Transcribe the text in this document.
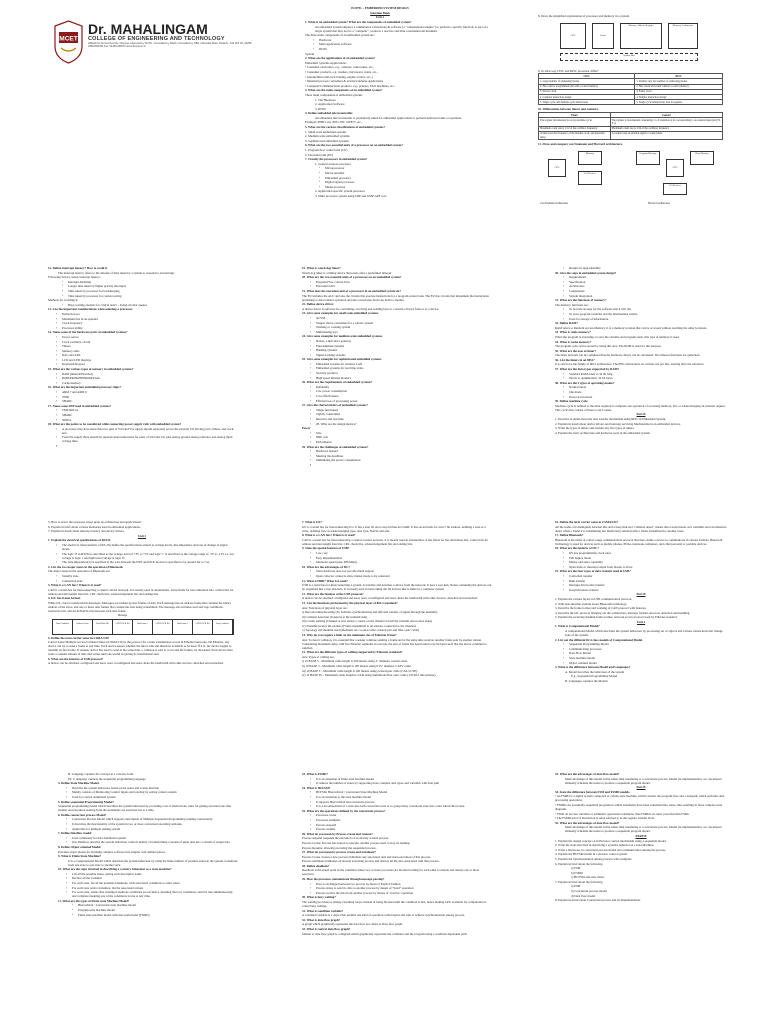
MCET
Dr. MAHALINGAM
COLLEGE OF ENGINEERING AND TECHNOLOGY
Affiliated to Anna University, Chennai; Approved by AICTE ; Accredited by NAAC; Accredited by NBA; Udumalai Road, Pollachi - 642 003 Tel: 04259-236030/40/50 Fax: 04259-236070 www.drmcet.ac.in

EC8791 – EMBEDDED SYSTEM DESIGN

Question Bank

Unit 1

1. What is an embedded system? What are the components of embedded system?

An embedded system employs a combination of hardware & software (a "computational engine") to perform a specific function; is part of a larger system that may not be a "computer"; works in a reactive and time-constrained environment.

The three main components of an embedded system are:

• Hardware

• Main application software

• RTOS

System

2. What are the applications of an embedded system?

Embedded Systems Applications:

• Consumer electronics, e.g., cameras, camcorders, etc.,

• Consumer products, e.g. washers, microwave ovens, etc.,

• Automobiles (anti-lock braking, engine control, etc.,)

• Industrial process controllers & avionics/defense applications

• Computer/Communication products, e.g., printers, FAX machines, etc.,

3. What are the main components of an embedded system?

Three main components of embedded systems

1. The Hardware

2. Application Software

3. RTOS

4. Define embedded microcontroller.

An embedded microcontroller is particularly suited for embedded applications to perform dedicated tasks or operation.

Example: 68HC11xx, 8051, PIC 16F877, etc.,

5. What are the various classifications of embedded systems?

1. Small scale embedded systems

2. Medium scale embedded systems

3. Sophisticated embedded systems

6. What are the two essential units of a processor on an embedded system?

1. Program flow control unit (CU)

2. Execution unit (EU)

7. Classify the processors in embedded system?

1. General purpose processor

▪ Microprocessor

▪ Microcontroller

▪ Embedded processor

▪ Digital signal processor

▪ Media processor

2. Application specific system processor

3. Multi processor system using GPP and ASSP GPP core

8. Draw the simplified organization of processor and memory in a system.

CPU	Cache
Memory Address Register	Memory Architecture
System Bus

9. In what way CISC and RISC processor differ?

CISC	RISC
1. Large number of addressing modes	1. Smaller very few number of addressing modes
2. Has a micro programmed unit with a control memory	2. Has a hard wired unit without a control memory
3. Slower clock	3. Faster clock
4. Complex instruction design	4. Simpler instruction design
5. Single-cycle and multiple cycle instructions	5. Single cycle instructions; data in registers

10. Differentiate between timers and counters.

Timer	Counter
The register incremented for every machine cycle.	The register is incremented considering 1 to 0 transition at its corresponding to an external input pin (T0, T1).
Maximum count rate is 1/12 of the oscillator frequency.	Maximum count rate is 1/24 of the oscillator frequency.
A timer uses the frequency of the internal clock, and generates delay.	A counter uses an external signal to count pulses.

11. Draw and compare von Neumann and Harvard architecture.

CPU
Memory
I/O Devices
Program Memory
CPU
Data Memory
I/O Devices
von Neumann Architecture	Harvard Architecture

12. Define interrupt latency? How to avoid it.

The interrupt latency refers to the amount of time taken by a system to respond to an interrupt.

Following factors causes interrupt latency:

▪ Interrupt disabling

▪ Longer time taken by higher priority interrupts

▪ Time taken by processor for bookkeeping

▪ Time taken by processor for context saving

Methods for avoiding it:

▪ Busy-waiting analysis for critical data's – Using circular queues

13. List the important considerations when selecting a processor.

• Instruction set

• Maximum bits in an operand

• Clock frequency

• Processor ability

14. Name some of the hardware parts of embedded systems?

• Power source

• Clock oscillator circuit

• Timers

• Memory units

• DAC and ADC

• LCD and LED displays

• Keyboard/Keypad

15. What are the various types of memory in embedded systems?

• RAM (internal/External)

• ROM/PROM/EEPROM/Flash

• Cache memory

16. What are the important embedded processor chips?

• ARM 7 and ARM 9

• i7060

• SHARC

17. Name some DSP used in embedded systems?

• TMS320Cxx

• SHARC

• 5600xx

18. What are the points to be considered while connecting power supply rails with embedded system?

• A processor may have more than two pins of Vdd and Vss supply should separately power the external I/O driving ports, timers, and clock and

• From the supply there should be separate interconnections for pairs of Vdd and Vss pins analog ground analog reference and analog input voltage lines.

19. What is watch dog timer?

Watch dog timer is a timing device that resets after a predefined timeout.

20. What are the two essential units of a processor on an embedded system?

• Program Flow control Unit

• Execution Unit

21. What does the execution unit of a processor in an embedded system do?

The EU includes the ALU and also the circuits that execute instructions for a program control task. The EU has circuits that implement the instructions pertaining to data transfer operation and data conversion from one form to another.

22. Define device driver.

A device driver is software for controlling, receiving and sending byte or a stream of bytes from or to a device.

23. Give some examples for small scale embedded systems.

• ACVM

• Stepper motor controllers for a robotic system

• Washing or cooking system

• Multitasking toys

24. Give some examples for medium scale embedded systems.

• Router, a hub and a gateway

• Entertainment systems

• Banking systems

• Signal tracking systems

25. Give some examples for sophisticated embedded systems.

• Embedded systems for wireless LAN

• Embedded systems for real time video

• Security products

• High speed Internet Routers

26. What are the requirements of embedded systems?

• Reliability

• Low power consumption

• Cost effectiveness

• Efficient use of processing power

27. Give the characteristics of embedded systems?

• Single functioned

• Tightly constrained

• Reactive and real time

• 28. What are the design metrics?

Power

• Size

• NRE cost

• Performance

29. What are the challenges of embedded systems?

• Hardware needed

• Meeting the deadlines

• Minimizing the power consumption

• Design for upgradeability

30. Give the steps in embedded system design?

• Requirements

• Specification

• Architecture

• Components

• System integration

31. What are the functions of memory?

The memory functions are:

• To provide storage for the software that it will run.

• To store program variables and the intermediate results.

• Used for storage of information.

32. Define RAM?

RAM refers to Random Access Memory. It is a memory location that can be accessed without touching the other locations.

33. What is static memory?

When the program is executing, to save the variable and program stack, this type of memory is used.

34. What is cache memory?

The program code can be stored by using this area. The ROM is used for this purpose.

35. What are the uses of timer?

The timer network can be completed Precise hardware delays can be calculated. The timeout functions are generated.

36. List the timers in an 8051?

It is said to be the family of 8051 architecture. The 8051 instructions are written one per line, starting after the reference.

37. What are the data types supported by RAM?

• Standard RAM tends to 32 bit long

• Words to optimization: 32 bit bytes

38. What are the 3 types of operating modes?

• Normal mode

• Idle mode

• Power down mode

39. Define machine cycle.

Machine cycle is defined as the time required to complete one operation of accessing memory, I/O, or acknowledging an external request. This cycle may consist of three to six T-states.

Part-B

1. Describe in detail about the data transfer mechanism using RISC in Embedded System.

2. Explain in detail about device drivers and interrupt servicing Mechanisms in an embedded devices.

3. Write the types of timers and explain any five types of timers.

4. Explain the basic architecture and hardware tools in the embedded system.

5. How to select the processor based upon its architecture and applications?

6. Explain in brief about various memories used in embedded applications.

7. Explain in detail about interrupt latency and device drivers.

Unit 2

1. Explain the electrical specifications of RS232.

• The electrical characteristics of RS-232 define the specifications related to voltage levels, line impedance and rate of change of signal levels.

• The logic '0' in RS232 is described as the voltage level of +3V to +5V and logic '1' is described as the voltage range of -3V to -15V i.e. low voltage is logic 1 and high level voltage is logic '0'.

• The Line impedance(Z) is specified at the wire between the DTE and DCE devices is specified to be around 3Ω to 7 Ω.

2. List the two major states in the operation of Bluetooth.

The major states in the operation of Bluetooth are:

• Standby state

• Connection state

3. What is a CAN bus? Where is it used?

CAN is a serial bus for interconnecting a central control network. It is mostly used in automobiles. It has fields for bus arbitration bits, control bits for address and data length data bits, CRC check bits, acknowledgement bits and ending bits.

4. I2C bus frame format.

While I2C, data is transferred in messages. Messages are broken up into frames of data. Each message has an address frame that contains the binary address of the slave, and one or more data frames that contain the data being transmitted. The message also includes start and stop conditions, read/write bits, and ACK/NACK bits between each data frame:

Message
Start Condition	Address Frame	Read/Write Bit	ACK/NACK Bit	Data Frame 1	ACK/NACK Bit	Data Frame 2	ACK/NACK Bit	Stop Condition

5. Define the term carrier sense in CSMA/CD?

Carrier Sense Multiple Access/Collision Detect (CSMA/CD) is the protocol for carrier transmission access in Ethernet networks. On Ethernet, any device can try to send a frame at any time. Each device senses whether the line is idle and therefore available to be used. If it is, the device begins to transmit its first frame. If another device has tried to send at the same time, a collision is said to occur and the frames are discarded. Each device then waits a random amount of time and retries until successful in getting its transmission sent.

6. What are the features of USB protocol?

A device can be attached, configured and used, reset, reconfigured and used, share the bandwidth with other devices, detached and reattached.

7. What is I2C?

I2C is a serial bus for interconnecting ICs. It has a start bit and a stop bit like an UART. It has seven fields for start,7 bit address, defining a read or a write, defining byte as acknowledging byte, data byte, NACK and end.

8. What is a CAN bus? Where is it used?

CAN is a serial bus for interconnecting a central Control network. It is mostly used in automobiles. It has fields for bus arbitration bits, control bits for address and data length data bits, CRC check bits, acknowledgement bits and ending bits.

9. State the special features of USB?

• Low cost

• Easy implementation

• Moderate speed (upto 480 Mbps)

10. What are the advantages of I2C?

• Slave hardware does not provide much support

• Open collector connects allow master mode to be contested

11. What is HDD? What is it used?

USB is a serial bus for interconnecting a system. It attaches and detaches a device from the network. It uses a root hub. Nodes containing the devices can be organized like a tree structure. It is mostly used in networking the IO devices like scanner in a computer system.

12. What are the features of the USB protocol?

A device can be attached, configured and used, reset, reconfigured and used, share the bandwidth with other devices, detached and reattached.

13. List the functions performed by the physical layer of 802.3 standard?

Ans: Functions of physical layer are:

i) Data encoding/decoding (To facilitate synchronization and efficient transfer of signal through the medium).

ii) Collision detection (It detects at the transmit side)

iii) Carrier sensing (Channel access senses a carrier on the channel at both the transmit and receive sides)

iv) Transmit/receive the packets (Frame transmitted to all stations connected to the channel)

v) Topology and medium used (Mediums are co-axial cable, twisted pair and fiber optic cable)

14. Why do you require a limit on the minimum size of Ethernet frame?

Ans: To detect collision, it is essential that a sender continue sending a frame and at the same time receives another frame sent by another station. Considering maximum delay with five Ethernet segments in cascade, the size of frame has been found to be 64 bytes such that the above condition is satisfied.

15. What are the different types of cabling supported by Ethernet standard?

Ans: Types of cabling are:

i) 10 BASE 5 - Maximum cable length is 500 meters using 4" diameter coaxial cable.

ii) 10 BASE 2 - Maximum cable length is 185 meters using 0.25" diameter CATV cable.

iii) 10 BASE T - Maximum cable length is 100 meters using twisted-pair cable (CAT-3 UTP).

iv) 10 BASE FL - Maximum cable length is 2 Km using multimode fiber optic cable (125/62.5 micrometer).

16. Define the term carrier sense in CSMA/CD?

All the nodes can distinguish between idle and a busy-link and "collision detect" means that a node listens as it transmits and can therefore detect when a frame it is transmitting has interfered (collided) with a frame transmitted by another node.

17. Define Bluetooth?

Bluetooth is the name of a short range communication protocol that may enable a device to communicate in various formats. Bluetooth Technology is used for devices such as mobile phones, PDAs, notebook computers, and other personal or portable devices.

18. What are the features of I2C?

• DS bus programmable clock rates

• Full duplex mode

• Master and slave capability

• Open drain or interrupt output from master to slave

19. What are the four types of data transfer used in USB?

• Controlled transfer

• Bulk transfer

• Interrupt driven data transfer

• Isosynchronous transfer

Part-B

1. Explain the various layers in USB communication protocol.

2. With neat sketches explain about Bluetooth technology.

3. Describe the frame format and working of CAN protocol with features.

4. Describe the I2C protocol bringing out the architecture, message formats and error detection and handling.

5. Explain the receiving medium frame format, network access protocol used by Ethernet standard.

Unit 3

1. What is Computational Model?

A computational Model which describes the system behaviour by processing set of objects and various transactions that change state of the system.

2. List out the different first class models of Computational Model.

• Sequential Programming Model

• Communicating processes

• Data Flow Model

• State machine model

• Object oriented model

3. What is the difference between Model and Languages?

A. Model describes the behaviour of the system

E.g., Sequential Programming Model

B. Languages captures the Models

B. Language captures the concept in a concrete form

Ex: C language captures the sequential programming language.

4. Define State Machine Model.

• Describe the system behaviour based on the states and events function

• Mainly consists of Monitoring Control Inputs and reacting by setting control outputs

• Used for control dominated system

5. Define sequential Programming Model?

Sequential programming model which describes the system behaviour by providing a set of instructions, rules for getting executed one after another and execution starting from the statements are executed one at a time.

6. Define concurrent process Model?

• Concurrent Process Model which supports description of Multiple Sequential Programming running concurrently.

• It describes the functionality of the system in two or more concurrent executing subtasks.

• Applicable for multiple tasking system

7. Define Dataflow model

• Used commonly for data dominated system

• Use Dataflow describe the system behaviour controls mainly of transforming a stream of input data into a stream of output data

8. Define Object oriented Model.

Provides object means for breaking complex software into simpler well defined pieces.

9. What is Finite State Machine?

It is a Computational Model which describes the system behaviour by using the finite number of possible states in the system, transitions from one state to one state to another state.

10. What are the steps involved in describing a system's behaviour as a state machine?

• List all the possible states, giving each descriptive name

• Declare all the variables

• For each state, list all the possible transitions, with associated conditions to other states

• For each state and/or transition, list the associated actions

• For each state, ensure that existing transitions conditions are exclusive, meaning that two conditions could be true simultaneously, and complete meaning one of the conditions is true at any time.

11. What are the types of Finite state Machine Model?

▪ Hierarchical / Concurrent state machine model

▪ Program state machine model

▪ Finite state machine model with data path model (FSMD)

23. What is FSMD?

• It is an extension of finite state machine model

• It reduces the number of states by supporting more complex data types and variables with data path

24. What is HCFSM?

• HCFSM, Hierarchical / Concurrent State Machine Model

• It is an extension to the state machine model

• It supports Hierarchical and concurrent process

• It is a decomposition of a state into both concurrent state or to group many concurrent state into a new hierarchical state.

25. What are the operations defined by the concurrent process?

• Processes create

• Processes terminate

• Process suspend

• Process resume

26. What do you mean by Process create and resume?

Process suspend suspends the execution of an already created process.

Process Create: Process has started to execute, another process need to stop its running.

Process Resume: allowing executing the suspended process.

27. What do you mean by process create and terminate?

Process Create creates a new process; initializes any associated data and starts execution of that process.

Process terminate terminates an already executing process and destroy all the data associated with that process.

28. Define deadlock?

Deadlock is the stated point in the condition where two or more processes are blocked waiting for each other to unlock and release one or more resources.

29. How the processes communicate through message passing?

• Data is exchanged between two process by mean of Explicit fashion

• Process states to send its data to another process by means of "Send" operation

• Process receive the data from another process by means of "receive" operation

30. What is busy waiting?

The waiting processes is simply executing loops, instead of being blocked until the condition is met, hence making CPU available for computation is called busy waiting.

31. What is condition variable?

A condition variable is a object that permits one kind of operation called signal and wait to achieve synchronization among process.

32. What is data flow graph?

A graph which graphically represents the data flow are called as Data flow graph.

33. What is control data flow graph?

Similar to data flow graph is a diagram which graphically represents the condition and the program using a condition dependent path.

33. What are the advantages of data flow model?

Main advantage of this model is that rather than translating to a concurrent process. Model for implementation, we can instead manually schedule the nodes to produce a sequential program model.

Part-B

34. State the difference between FSM and FSMD models.

• An FSMD is a digital system composed of a finite state machine, which controls the program flow and a datapath, which performs data processing operations.

• FSMDs are essentially sequential programs in which statements have been scheduled into states, thus resulting in more complex state diagrams.

• FSMs do not use variables or arithmetic operations/conditions, thus FSMDs are more powerful than FSMs.

• The FSMD level of abstraction is often referred to as the register transfer level.

35. What are the advantages of data flow model?

Main advantage of this model is that rather than translating to a concurrent process. Model for implementation, we can instead manually schedule the nodes to produce a sequential program model.

PART-B

1. Explain the design concept of an Elevator control mechanism using a sequential model.

2. Write the steps involved in describing a system's behavior as a state Machine.

3. Write a brief note on concurrent process model and communication among the process.

4. Explain the HCFSM model in a elevator control system.

5. Explain the Synchronization among process with examples.

6. Explain in brief about the following

a) FSM

b) FSMD

c) HCFSM and state charts

7. Explain in brief about the following

a) PSM

b) Concurrent process model

d) Data flow model

8. Explain in detail about Concurrent process and its implementation.
